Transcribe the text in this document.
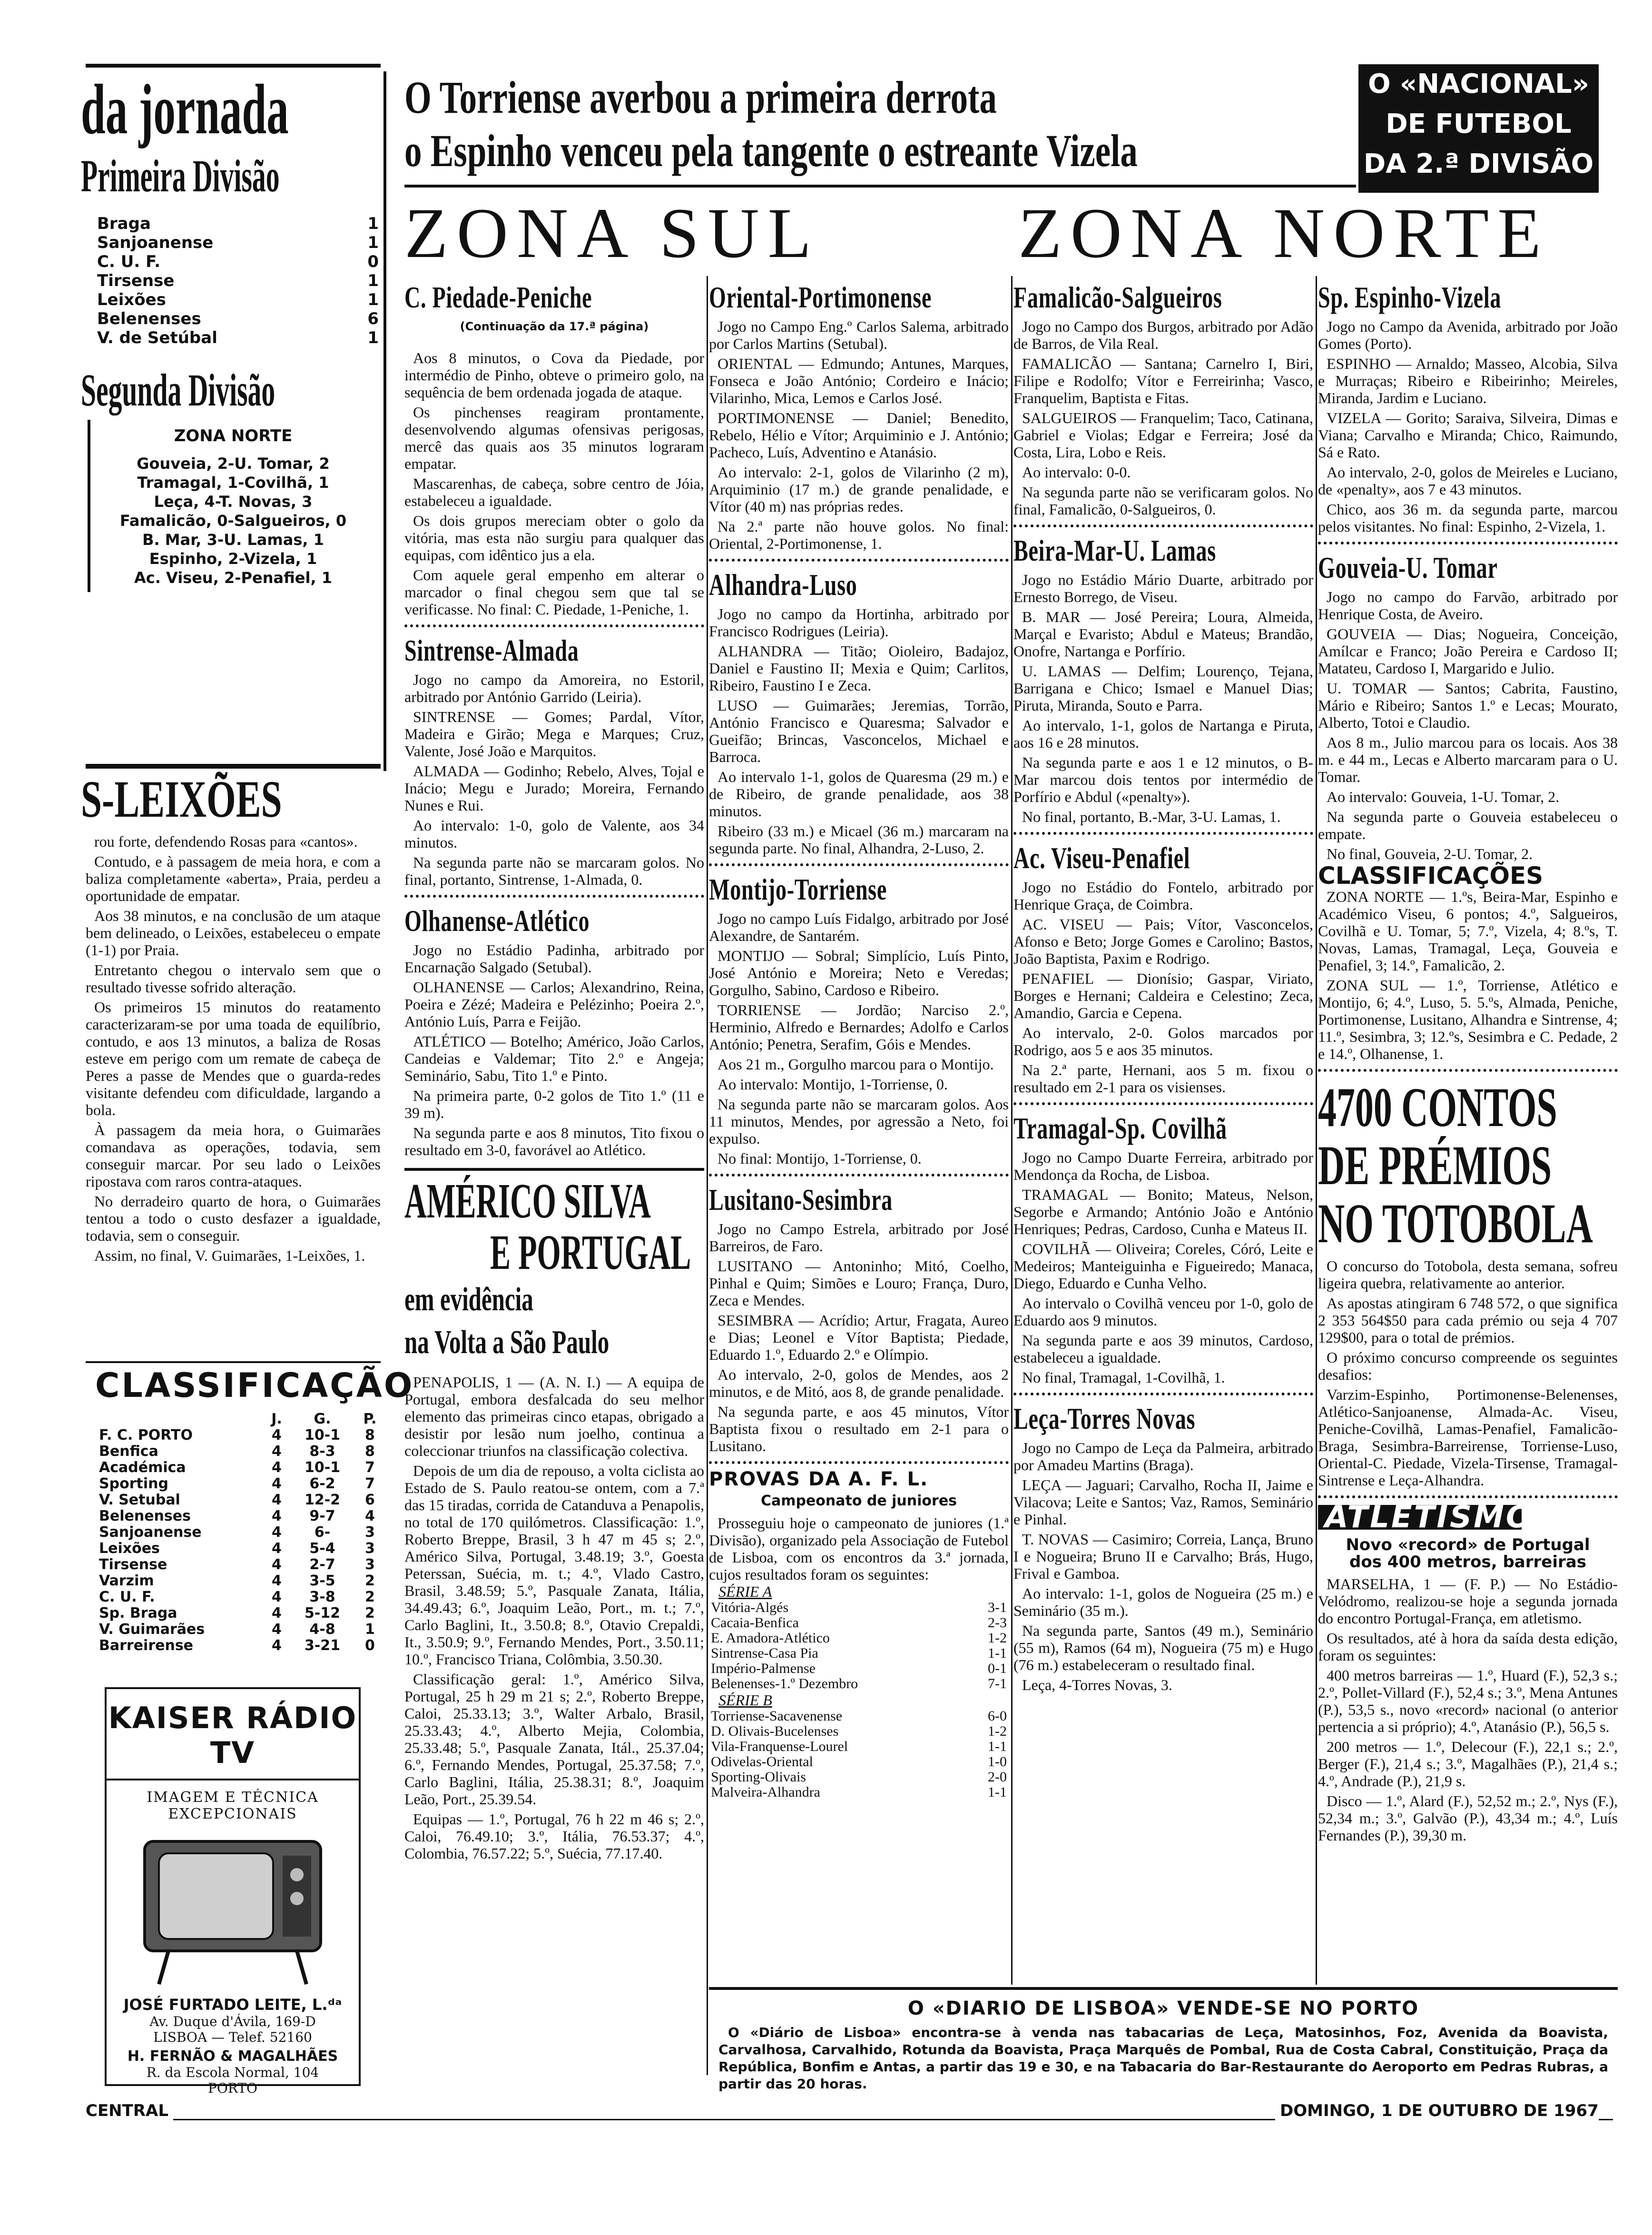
da jornada
Primeira Divisão
Braga	1
Sanjoanense	1
C. U. F.	0
Tirsense	1
Leixões	1
Belenenses	6
V. de Setúbal	1
Segunda Divisão
ZONA NORTE
Gouveia, 2-U. Tomar, 2
Tramagal, 1-Covilhã, 1
Leça, 4-T. Novas, 3
Famalicão, 0-Salgueiros, 0
B. Mar, 3-U. Lamas, 1
Espinho, 2-Vizela, 1
Ac. Viseu, 2-Penafiel, 1
S-LEIXÕES

rou forte, defendendo Rosas para «cantos».

Contudo, e à passagem de meia hora, e com a baliza completamente «aberta», Praia, perdeu a oportunidade de empatar.

Aos 38 minutos, e na conclusão de um ataque bem delineado, o Leixões, estabeleceu o empate (1-1) por Praia.

Entretanto chegou o intervalo sem que o resultado tivesse sofrido alteração.

Os primeiros 15 minutos do reatamento caracterizaram-se por uma toada de equilíbrio, contudo, e aos 13 minutos, a baliza de Rosas esteve em perigo com um remate de cabeça de Peres a passe de Mendes que o guarda-redes visitante defendeu com dificuldade, largando a bola.

À passagem da meia hora, o Guimarães comandava as operações, todavia, sem conseguir marcar. Por seu lado o Leixões ripostava com raros contra-ataques.

No derradeiro quarto de hora, o Guimarães tentou a todo o custo desfazer a igualdade, todavia, sem o conseguir.

Assim, no final, V. Guimarães, 1-Leixões, 1.

CLASSIFICAÇÃO
	J.	G.	P.
F. C. PORTO	4	10-1	8
Benfica	4	8-3	8
Académica	4	10-1	7
Sporting	4	6-2	7
V. Setubal	4	12-2	6
Belenenses	4	9-7	4
Sanjoanense	4	6-	3
Leixões	4	5-4	3
Tirsense	4	2-7	3
Varzim	4	3-5	2
C. U. F.	4	3-8	2
Sp. Braga	4	5-12	2
V. Guimarães	4	4-8	1
Barreirense	4	3-21	0
KAISER RÁDIO TV
IMAGEM E TÉCNICA
EXCEPCIONAIS
JOSÉ FURTADO LEITE, L.ᵈᵃ
Av. Duque d'Ávila, 169-D
LISBOA — Telef. 52160
H. FERNÃO & MAGALHÃES
R. da Escola Normal, 104
PORTO
O Torriense averbou a primeira derrota
o Espinho venceu pela tangente o estreante Vizela
O «NACIONAL»
DE FUTEBOL
DA 2.ª DIVISÃO
ZONA SUL	ZONA NORTE
C. Piedade-Peniche
(Continuação da 17.ª página)

Aos 8 minutos, o Cova da Piedade, por intermédio de Pinho, obteve o primeiro golo, na sequência de bem ordenada jogada de ataque.

Os pinchenses reagiram prontamente, desenvolvendo algumas ofensivas perigosas, mercê das quais aos 35 minutos lograram empatar.

Mascarenhas, de cabeça, sobre centro de Jóia, estabeleceu a igualdade.

Os dois grupos mereciam obter o golo da vitória, mas esta não surgiu para qualquer das equipas, com idêntico jus a ela.

Com aquele geral empenho em alterar o marcador o final chegou sem que tal se verificasse. No final: C. Piedade, 1-Peniche, 1.

Sintrense-Almada

Jogo no campo da Amoreira, no Estoril, arbitrado por António Garrido (Leiria).

SINTRENSE — Gomes; Pardal, Vítor, Madeira e Girão; Mega e Marques; Cruz, Valente, José João e Marquitos.

ALMADA — Godinho; Rebelo, Alves, Tojal e Inácio; Megu e Jurado; Moreira, Fernando Nunes e Rui.

Ao intervalo: 1-0, golo de Valente, aos 34 minutos.

Na segunda parte não se marcaram golos. No final, portanto, Sintrense, 1-Almada, 0.

Olhanense-Atlético

Jogo no Estádio Padinha, arbitrado por Encarnação Salgado (Setubal).

OLHANENSE — Carlos; Alexandrino, Reina, Poeira e Zézé; Madeira e Pelézinho; Poeira 2.º, António Luís, Parra e Feijão.

ATLÉTICO — Botelho; Américo, João Carlos, Candeias e Valdemar; Tito 2.º e Angeja; Seminário, Sabu, Tito 1.º e Pinto.

Na primeira parte, 0-2 golos de Tito 1.º (11 e 39 m).

Na segunda parte e aos 8 minutos, Tito fixou o resultado em 3-0, favorável ao Atlético.

AMÉRICO SILVA
E PORTUGAL
em evidência
na Volta a São Paulo

PENAPOLIS, 1 — (A. N. I.) — A equipa de Portugal, embora desfalcada do seu melhor elemento das primeiras cinco etapas, obrigado a desistir por lesão num joelho, continua a coleccionar triunfos na classificação colectiva.

Depois de um dia de repouso, a volta ciclista ao Estado de S. Paulo reatou-se ontem, com a 7.ª das 15 tiradas, corrida de Catanduva a Penapolis, no total de 170 quilómetros. Classificação: 1.º, Roberto Breppe, Brasil, 3 h 47 m 45 s; 2.º, Américo Silva, Portugal, 3.48.19; 3.º, Goesta Peterssan, Suécia, m. t.; 4.º, Vlado Castro, Brasil, 3.48.59; 5.º, Pasquale Zanata, Itália, 34.49.43; 6.º, Joaquim Leão, Port., m. t.; 7.º, Carlo Baglini, It., 3.50.8; 8.º, Otavio Crepaldi, It., 3.50.9; 9.º, Fernando Mendes, Port., 3.50.11; 10.º, Francisco Triana, Colômbia, 3.50.30.

Classificação geral: 1.º, Américo Silva, Portugal, 25 h 29 m 21 s; 2.º, Roberto Breppe, Caloi, 25.33.13; 3.º, Walter Arbalo, Brasil, 25.33.43; 4.º, Alberto Mejia, Colombia, 25.33.48; 5.º, Pasquale Zanata, Itál., 25.37.04; 6.º, Fernando Mendes, Portugal, 25.37.58; 7.º, Carlo Baglini, Itália, 25.38.31; 8.º, Joaquim Leão, Port., 25.39.54.

Equipas — 1.º, Portugal, 76 h 22 m 46 s; 2.º, Caloi, 76.49.10; 3.º, Itália, 76.53.37; 4.º, Colombia, 76.57.22; 5.º, Suécia, 77.17.40.

Oriental-Portimonense

Jogo no Campo Eng.º Carlos Salema, arbitrado por Carlos Martins (Setubal).

ORIENTAL — Edmundo; Antunes, Marques, Fonseca e João António; Cordeiro e Inácio; Vilarinho, Mica, Lemos e Carlos José.

PORTIMONENSE — Daniel; Benedito, Rebelo, Hélio e Vítor; Arquiminio e J. António; Pacheco, Luís, Adventino e Atanásio.

Ao intervalo: 2-1, golos de Vilarinho (2 m), Arquiminio (17 m.) de grande penalidade, e Vítor (40 m) nas próprias redes.

Na 2.ª parte não houve golos. No final: Oriental, 2-Portimonense, 1.

Alhandra-Luso

Jogo no campo da Hortinha, arbitrado por Francisco Rodrigues (Leiria).

ALHANDRA — Titão; Oioleiro, Badajoz, Daniel e Faustino II; Mexia e Quim; Carlitos, Ribeiro, Faustino I e Zeca.

LUSO — Guimarães; Jeremias, Torrão, António Francisco e Quaresma; Salvador e Gueifão; Brincas, Vasconcelos, Michael e Barroca.

Ao intervalo 1-1, golos de Quaresma (29 m.) e de Ribeiro, de grande penalidade, aos 38 minutos.

Ribeiro (33 m.) e Micael (36 m.) marcaram na segunda parte. No final, Alhandra, 2-Luso, 2.

Montijo-Torriense

Jogo no campo Luís Fidalgo, arbitrado por José Alexandre, de Santarém.

MONTIJO — Sobral; Simplício, Luís Pinto, José António e Moreira; Neto e Veredas; Gorgulho, Sabino, Cardoso e Ribeiro.

TORRIENSE — Jordão; Narciso 2.º, Herminio, Alfredo e Bernardes; Adolfo e Carlos António; Penetra, Serafim, Góis e Mendes.

Aos 21 m., Gorgulho marcou para o Montijo.

Ao intervalo: Montijo, 1-Torriense, 0.

Na segunda parte não se marcaram golos. Aos 11 minutos, Mendes, por agressão a Neto, foi expulso.

No final: Montijo, 1-Torriense, 0.

Lusitano-Sesimbra

Jogo no Campo Estrela, arbitrado por José Barreiros, de Faro.

LUSITANO — Antoninho; Mitó, Coelho, Pinhal e Quim; Simões e Louro; França, Duro, Zeca e Mendes.

SESIMBRA — Acrídio; Artur, Fragata, Aureo e Dias; Leonel e Vítor Baptista; Piedade, Eduardo 1.º, Eduardo 2.º e Olímpio.

Ao intervalo, 2-0, golos de Mendes, aos 2 minutos, e de Mitó, aos 8, de grande penalidade.

Na segunda parte, e aos 45 minutos, Vítor Baptista fixou o resultado em 2-1 para o Lusitano.

PROVAS DA A. F. L.
Campeonato de juniores

Prosseguiu hoje o campeonato de juniores (1.ª Divisão), organizado pela Associação de Futebol de Lisboa, com os encontros da 3.ª jornada, cujos resultados foram os seguintes:

SÉRIE A
Vitória-Algés	3-1
Cacaia-Benfica	2-3
E. Amadora-Atlético	1-2
Sintrense-Casa Pia	1-1
Império-Palmense	0-1
Belenenses-1.º Dezembro	7-1
SÉRIE B
Torriense-Sacavenense	6-0
D. Olivais-Bucelenses	1-2
Vila-Franquense-Lourel	1-1
Odivelas-Oriental	1-0
Sporting-Olivais	2-0
Malveira-Alhandra	1-1
Famalicão-Salgueiros

Jogo no Campo dos Burgos, arbitrado por Adão de Barros, de Vila Real.

FAMALICÃO — Santana; Carnelro I, Biri, Filipe e Rodolfo; Vítor e Ferreirinha; Vasco, Franquelim, Baptista e Fitas.

SALGUEIROS — Franquelim; Taco, Catinana, Gabriel e Violas; Edgar e Ferreira; José da Costa, Lira, Lobo e Reis.

Ao intervalo: 0-0.

Na segunda parte não se verificaram golos. No final, Famalicão, 0-Salgueiros, 0.

Beira-Mar-U. Lamas

Jogo no Estádio Mário Duarte, arbitrado por Ernesto Borrego, de Viseu.

B. MAR — José Pereira; Loura, Almeida, Marçal e Evaristo; Abdul e Mateus; Brandão, Onofre, Nartanga e Porfírio.

U. LAMAS — Delfim; Lourenço, Tejana, Barrigana e Chico; Ismael e Manuel Dias; Piruta, Miranda, Souto e Parra.

Ao intervalo, 1-1, golos de Nartanga e Piruta, aos 16 e 28 minutos.

Na segunda parte e aos 1 e 12 minutos, o B-Mar marcou dois tentos por intermédio de Porfírio e Abdul («penalty»).

No final, portanto, B.-Mar, 3-U. Lamas, 1.

Ac. Viseu-Penafiel

Jogo no Estádio do Fontelo, arbitrado por Henrique Graça, de Coimbra.

AC. VISEU — Pais; Vítor, Vasconcelos, Afonso e Beto; Jorge Gomes e Carolino; Bastos, João Baptista, Paxim e Rodrigo.

PENAFIEL — Dionísio; Gaspar, Viriato, Borges e Hernani; Caldeira e Celestino; Zeca, Amandio, Garcia e Cepena.

Ao intervalo, 2-0. Golos marcados por Rodrigo, aos 5 e aos 35 minutos.

Na 2.ª parte, Hernani, aos 5 m. fixou o resultado em 2-1 para os visienses.

Tramagal-Sp. Covilhã

Jogo no Campo Duarte Ferreira, arbitrado por Mendonça da Rocha, de Lisboa.

TRAMAGAL — Bonito; Mateus, Nelson, Segorbe e Armando; António João e António Henriques; Pedras, Cardoso, Cunha e Mateus II.

COVILHÃ — Oliveira; Coreles, Córó, Leite e Medeiros; Manteiguinha e Figueiredo; Manaca, Diego, Eduardo e Cunha Velho.

Ao intervalo o Covilhã venceu por 1-0, golo de Eduardo aos 9 minutos.

Na segunda parte e aos 39 minutos, Cardoso, estabeleceu a igualdade.

No final, Tramagal, 1-Covilhã, 1.

Leça-Torres Novas

Jogo no Campo de Leça da Palmeira, arbitrado por Amadeu Martins (Braga).

LEÇA — Jaguari; Carvalho, Rocha II, Jaime e Vilacova; Leite e Santos; Vaz, Ramos, Seminário e Pinhal.

T. NOVAS — Casimiro; Correia, Lança, Bruno I e Nogueira; Bruno II e Carvalho; Brás, Hugo, Frival e Gamboa.

Ao intervalo: 1-1, golos de Nogueira (25 m.) e Seminário (35 m.).

Na segunda parte, Santos (49 m.), Seminário (55 m), Ramos (64 m), Nogueira (75 m) e Hugo (76 m.) estabeleceram o resultado final.

Leça, 4-Torres Novas, 3.

Sp. Espinho-Vizela

Jogo no Campo da Avenida, arbitrado por João Gomes (Porto).

ESPINHO — Arnaldo; Masseo, Alcobia, Silva e Murraças; Ribeiro e Ribeirinho; Meireles, Miranda, Jardim e Luciano.

VIZELA — Gorito; Saraiva, Silveira, Dimas e Viana; Carvalho e Miranda; Chico, Raimundo, Sá e Rato.

Ao intervalo, 2-0, golos de Meireles e Luciano, de «penalty», aos 7 e 43 minutos.

Chico, aos 36 m. da segunda parte, marcou pelos visitantes. No final: Espinho, 2-Vizela, 1.

Gouveia-U. Tomar

Jogo no campo do Farvão, arbitrado por Henrique Costa, de Aveiro.

GOUVEIA — Dias; Nogueira, Conceição, Amílcar e Franco; João Pereira e Cardoso II; Matateu, Cardoso I, Margarido e Julio.

U. TOMAR — Santos; Cabrita, Faustino, Mário e Ribeiro; Santos 1.º e Lecas; Mourato, Alberto, Totoi e Claudio.

Aos 8 m., Julio marcou para os locais. Aos 38 m. e 44 m., Lecas e Alberto marcaram para o U. Tomar.

Ao intervalo: Gouveia, 1-U. Tomar, 2.

Na segunda parte o Gouveia estabeleceu o empate.

No final, Gouveia, 2-U. Tomar, 2.

CLASSIFICAÇÕES

ZONA NORTE — 1.ºs, Beira-Mar, Espinho e Académico Viseu, 6 pontos; 4.º, Salgueiros, Covilhã e U. Tomar, 5; 7.º, Vizela, 4; 8.ºs, T. Novas, Lamas, Tramagal, Leça, Gouveia e Penafiel, 3; 14.º, Famalicão, 2.

ZONA SUL — 1.º, Torriense, Atlético e Montijo, 6; 4.º, Luso, 5. 5.ºs, Almada, Peniche, Portimonense, Lusitano, Alhandra e Sintrense, 4; 11.º, Sesimbra, 3; 12.ºs, Sesimbra e C. Pedade, 2 e 14.º, Olhanense, 1.

4700 CONTOS
DE PRÉMIOS
NO TOTOBOLA

O concurso do Totobola, desta semana, sofreu ligeira quebra, relativamente ao anterior.

As apostas atingiram 6 748 572, o que significa 2 353 564$50 para cada prémio ou seja 4 707 129$00, para o total de prémios.

O próximo concurso compreende os seguintes desafios:

Varzim-Espinho, Portimonense-Belenenses, Atlético-Sanjoanense, Almada-Ac. Viseu, Peniche-Covilhã, Lamas-Penafiel, Famalicão-Braga, Sesimbra-Barreirense, Torriense-Luso, Oriental-C. Piedade, Vizela-Tirsense, Tramagal-Sintrense e Leça-Alhandra.

ATLETISMO
Novo «record» de Portugal
dos 400 metros, barreiras

MARSELHA, 1 — (F. P.) — No Estádio-Velódromo, realizou-se hoje a segunda jornada do encontro Portugal-França, em atletismo.

Os resultados, até à hora da saída desta edição, foram os seguintes:

400 metros barreiras — 1.º, Huard (F.), 52,3 s.; 2.º, Pollet-Villard (F.), 52,4 s.; 3.º, Mena Antunes (P.), 53,5 s., novo «record» nacional (o anterior pertencia a si próprio); 4.º, Atanásio (P.), 56,5 s.

200 metros — 1.º, Delecour (F.), 22,1 s.; 2.º, Berger (F.), 21,4 s.; 3.º, Magalhães (P.), 21,4 s.; 4.º, Andrade (P.), 21,9 s.

Disco — 1.º, Alard (F.), 52,52 m.; 2.º, Nys (F.), 52,34 m.; 3.º, Galvão (P.), 43,34 m.; 4.º, Luís Fernandes (P.), 39,30 m.

O «DIARIO DE LISBOA» VENDE-SE NO PORTO

O «Diário de Lisboa» encontra-se à venda nas tabacarias de Leça, Matosinhos, Foz, Avenida da Boavista, Carvalhosa, Carvalhido, Rotunda da Boavista, Praça Marquês de Pombal, Rua de Costa Cabral, Constituição, Praça da República, Bonfim e Antas, a partir das 19 e 30, e na Tabacaria do Bar-Restaurante do Aeroporto em Pedras Rubras, a partir das 20 horas.

CENTRAL	DOMINGO, 1 DE OUTUBRO DE 1967
